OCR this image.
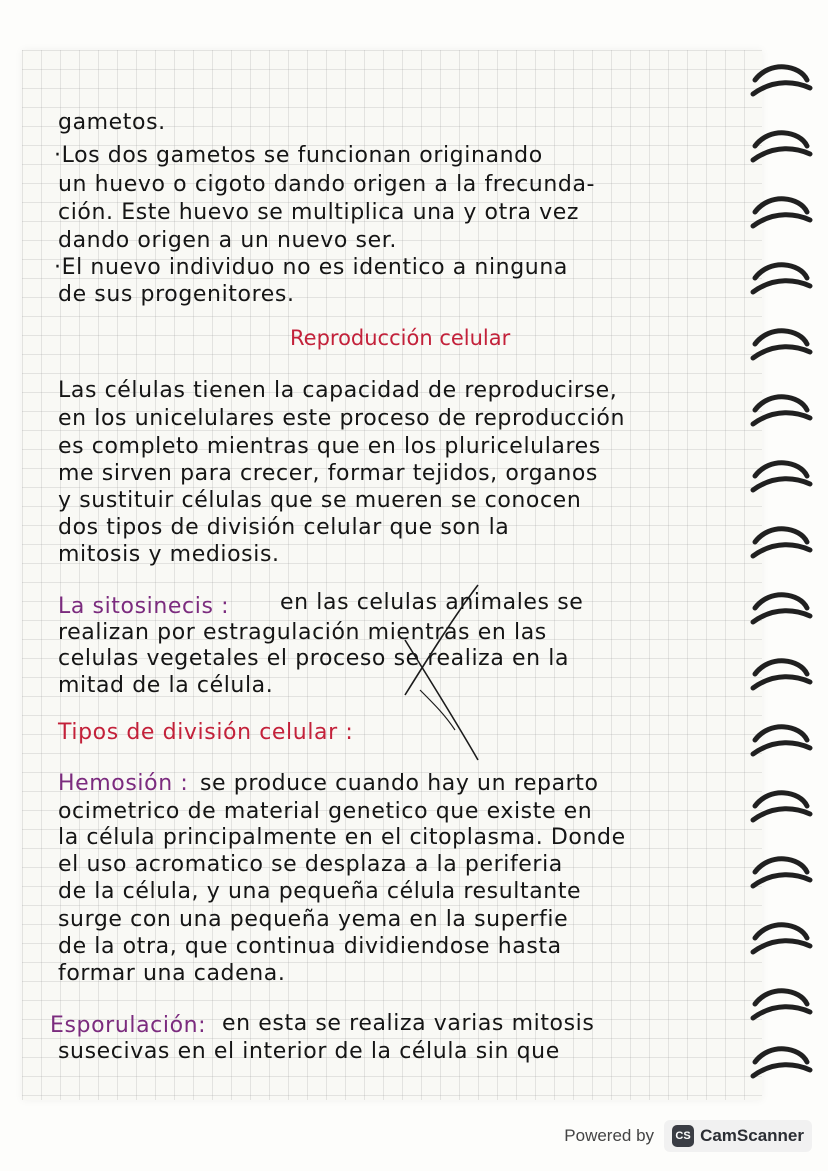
gametos.
·Los dos gametos se funcionan originando
un huevo o cigoto dando origen a la frecunda-
ción. Este huevo se multiplica una y otra vez
dando origen a un nuevo ser.
·El nuevo individuo no es identico a ninguna
de sus progenitores.
Reproducción celular
Las células tienen la capacidad de reproducirse,
en los unicelulares este proceso de reproducción
es completo mientras que en los pluricelulares
me sirven para crecer, formar tejidos, organos
y sustituir células que se mueren se conocen
dos tipos de división celular que son la
mitosis y mediosis.
La sitosinecis : en las celulas animales se
realizan por estragulación mientras en las
celulas vegetales el proceso se realiza en la
mitad de la célula.
Tipos de división celular :
Hemosión : se produce cuando hay un reparto
ocimetrico de material genetico que existe en
la célula principalmente en el citoplasma. Donde
el uso acromatico se desplaza a la periferia
de la célula, y una pequeña célula resultante
surge con una pequeña yema en la superfie
de la otra, que continua dividiendose hasta
formar una cadena.
Esporulación: en esta se realiza varias mitosis
susecivas en el interior de la célula sin que
Powered by	CS CamScanner
